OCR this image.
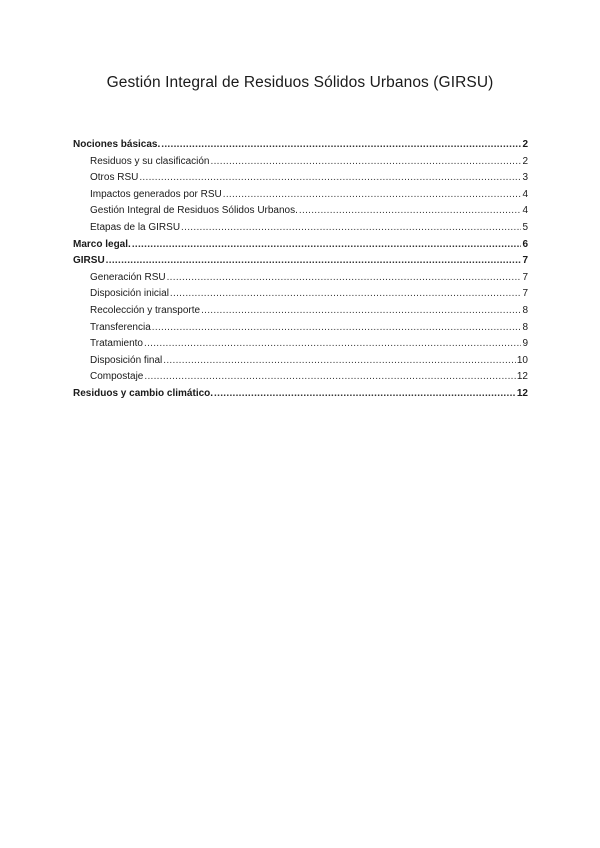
Gestión Integral de Residuos Sólidos Urbanos (GIRSU)
Nociones básicas. .....	2
Residuos y su clasificación .....	2
Otros RSU .....	3
Impactos generados por RSU .....	4
Gestión Integral de Residuos Sólidos Urbanos. .....	4
Etapas de la GIRSU .....	5
Marco legal. .....	6
GIRSU .....	7
Generación RSU .....	7
Disposición inicial .....	7
Recolección y transporte .....	8
Transferencia .....	8
Tratamiento .....	9
Disposición final .....	10
Compostaje .....	12
Residuos y cambio climático. .....	12
